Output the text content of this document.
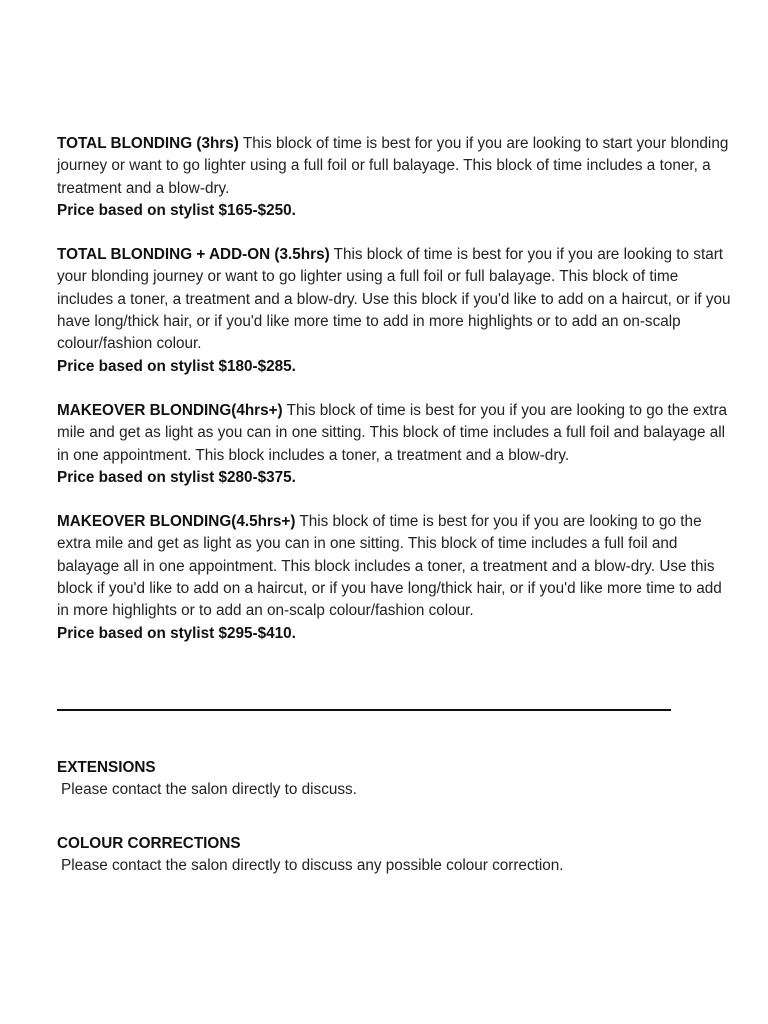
TOTAL BLONDING (3hrs) This block of time is best for you if you are looking to start your blonding journey or want to go lighter using a full foil or full balayage. This block of time includes a toner, a treatment and a blow-dry.
Price based on stylist $165-$250.

TOTAL BLONDING + ADD-ON (3.5hrs) This block of time is best for you if you are looking to start your blonding journey or want to go lighter using a full foil or full balayage. This block of time includes a toner, a treatment and a blow-dry. Use this block if you'd like to add on a haircut, or if you have long/thick hair, or if you'd like more time to add in more highlights or to add an on-scalp colour/fashion colour.
Price based on stylist $180-$285.

MAKEOVER BLONDING(4hrs+) This block of time is best for you if you are looking to go the extra mile and get as light as you can in one sitting. This block of time includes a full foil and balayage all in one appointment. This block includes a toner, a treatment and a blow-dry.
Price based on stylist $280-$375.

MAKEOVER BLONDING(4.5hrs+) This block of time is best for you if you are looking to go the extra mile and get as light as you can in one sitting. This block of time includes a full foil and balayage all in one appointment. This block includes a toner, a treatment and a blow-dry. Use this block if you'd like to add on a haircut, or if you have long/thick hair, or if you'd like more time to add in more highlights or to add an on-scalp colour/fashion colour.
Price based on stylist $295-$410.

EXTENSIONS
Please contact the salon directly to discuss.

COLOUR CORRECTIONS
Please contact the salon directly to discuss any possible colour correction.
